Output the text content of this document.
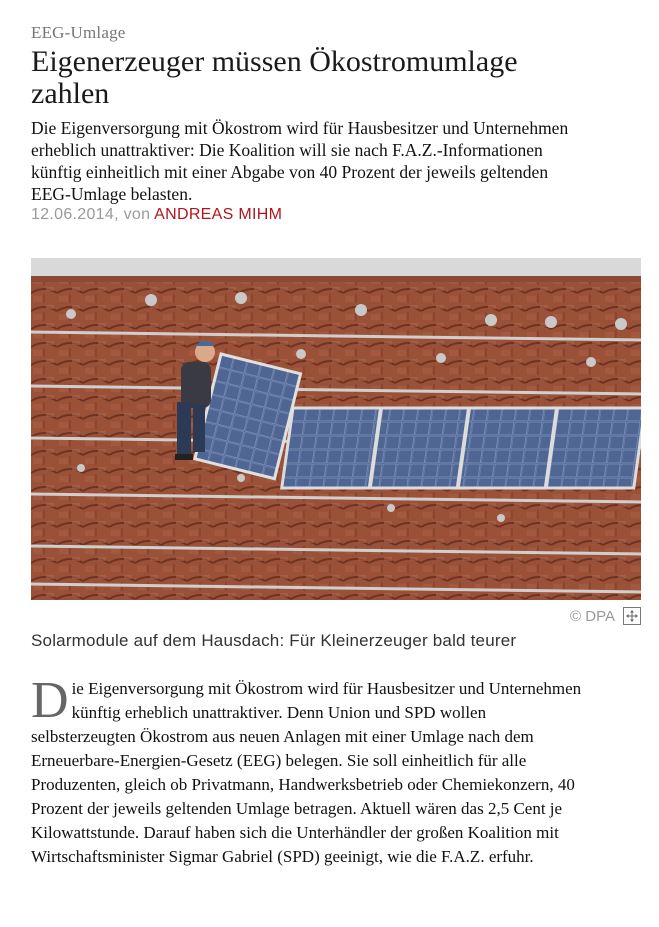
EEG-Umlage
Eigenerzeuger müssen Ökostromumlage zahlen
Die Eigenversorgung mit Ökostrom wird für Hausbesitzer und Unternehmen erheblich unattraktiver: Die Koalition will sie nach F.A.Z.-Informationen künftig einheitlich mit einer Abgabe von 40 Prozent der jeweils geltenden EEG-Umlage belasten.
12.06.2014, von ANDREAS MIHM
© DPA
Solarmodule auf dem Hausdach: Für Kleinerzeuger bald teurer

Die Eigenversorgung mit Ökostrom wird für Hausbesitzer und Unternehmen künftig erheblich unattraktiver. Denn Union und SPD wollen selbsterzeugten Ökostrom aus neuen Anlagen mit einer Umlage nach dem Erneuerbare-Energien-Gesetz (EEG) belegen. Sie soll einheitlich für alle Produzenten, gleich ob Privatmann, Handwerksbetrieb oder Chemiekonzern, 40 Prozent der jeweils geltenden Umlage betragen. Aktuell wären das 2,5 Cent je Kilowattstunde. Darauf haben sich die Unterhändler der großen Koalition mit Wirtschaftsminister Sigmar Gabriel (SPD) geeinigt, wie die F.A.Z. erfuhr.
